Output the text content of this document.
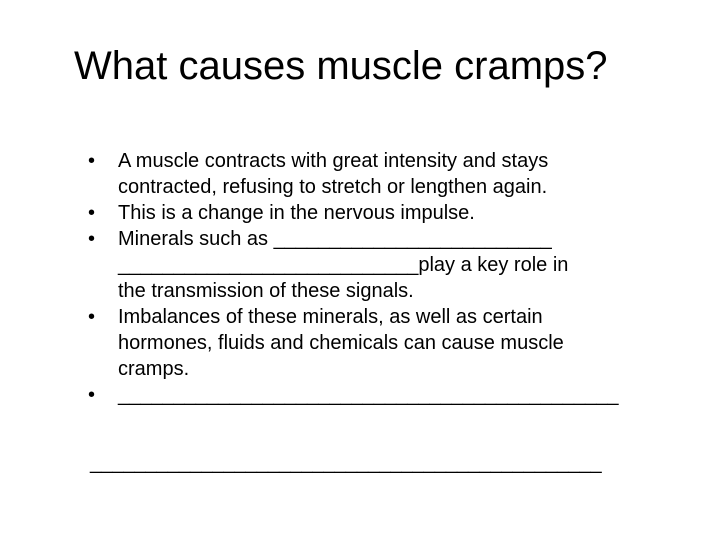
What causes muscle cramps?
•	A muscle contracts with great intensity and stays
contracted, refusing to stretch or lengthen again.
•	This is a change in the nervous impulse.
•	Minerals such as _________________________
___________________________play a key role in
the transmission of these signals.
•	Imbalances of these minerals, as well as certain
hormones, fluids and chemicals can cause muscle
cramps.
•	_____________________________________________
______________________________________________
